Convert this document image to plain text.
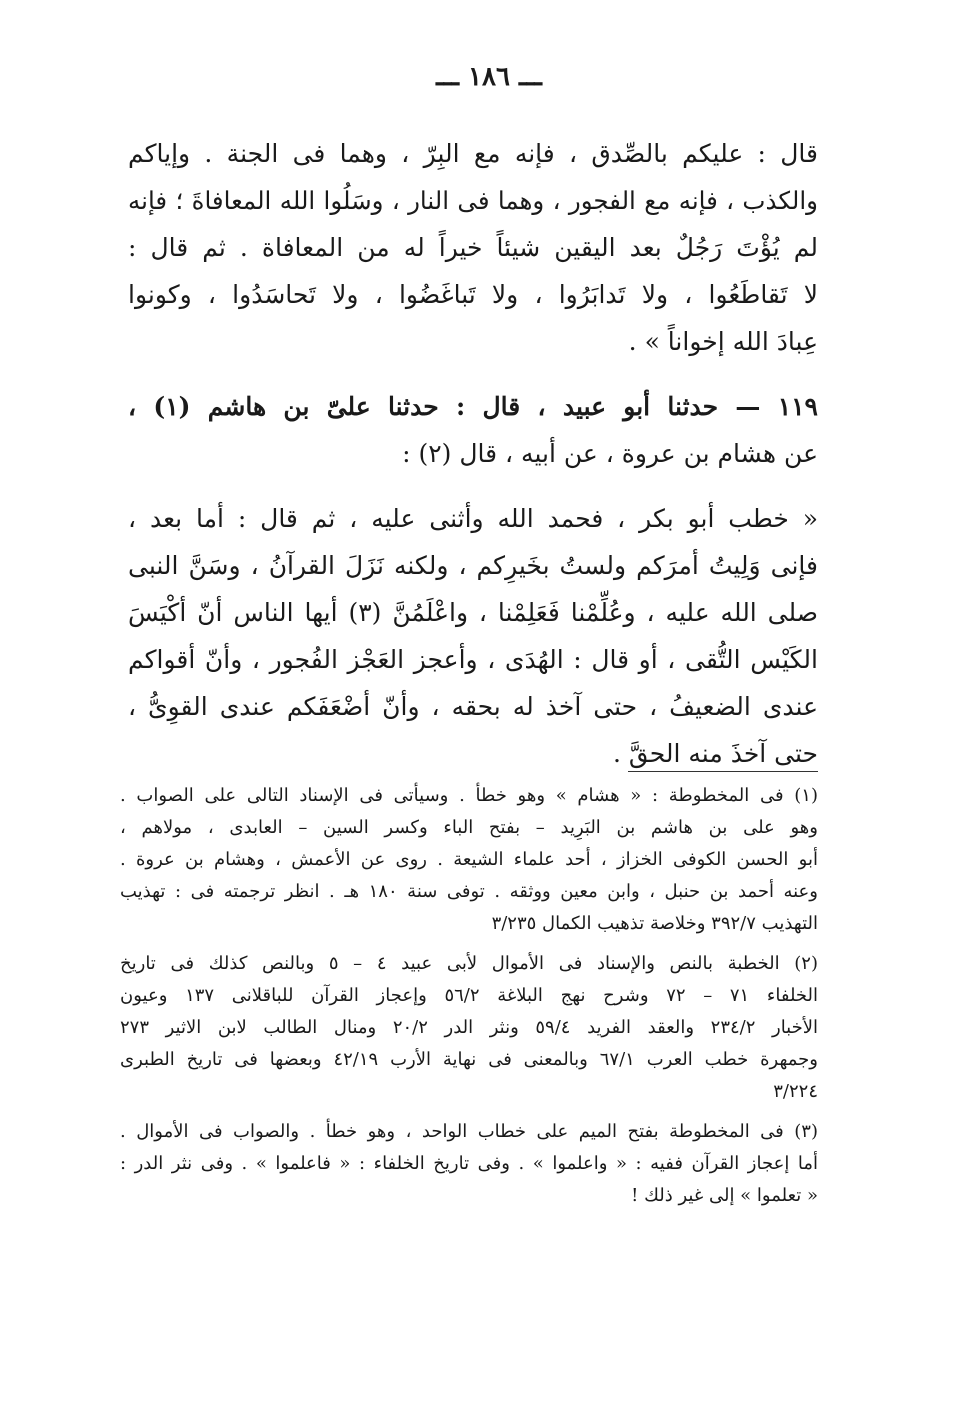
ـــ ١٨٦ ـــ
قال : عليكم بالصِّدق ، فإنه مع البِرّ ، وهما فى الجنة . وإياكم
والكذب ، فإنه مع الفجور ، وهما فى النار ، وسَلُوا الله المعافاةَ ؛ فإنه
لم يُؤْتَ رَجُلٌ بعد اليقين شيئاً خيراً له من المعافاة . ثم قال :
لا تَقاطَعُوا ، ولا تَدابَرُوا ، ولا تَباغَضُوا ، ولا تَحاسَدُوا ، وكونوا
عِبادَ الله إخواناً » .
١١٩ — حدثنا أبو عبيد ، قال : حدثنا علىّ بن هاشم (١) ،
عن هشام بن عروة ، عن أبيه ، قال (٢) :
« خطب أبو بكر ، فحمد الله وأثنى عليه ، ثم قال : أما بعد ،
فإنى وَلِيتُ أمرَكم ولستُ بخَيرِكم ، ولكنه نَزَلَ القرآنُ ، وسَنَّ النبى
صلى الله عليه ، وعُلِّمْنا فَعَلِمْنا ، واعْلَمُنَّ (٣) أيها الناس أنّ أكْيَسَ
الكَيْس التُّقى ، أو قال : الهُدَى ، وأعجز العَجْز الفُجور ، وأنّ أقواكم
عندى الضعيفُ ، حتى آخذ له بحقه ، وأنّ أضْعَفَكم عندى القوِىُّ ،
حتى آخذَ منه الحقَّ .
(١) فى المخطوطة : « هشام » وهو خطأ . وسيأتى فى الإسناد التالى على الصواب .
وهو على بن هاشم بن البَرِيد – بفتح الباء وكسر السين – العابدى ، مولاهم ،
أبو الحسن الكوفى الخزاز ، أحد علماء الشيعة . روى عن الأعمش ، وهشام بن عروة .
وعنه أحمد بن حنبل ، وابن معين ووثقه . توفى سنة ١٨٠ هـ . انظر ترجمته فى : تهذيب
التهذيب ٣٩٢/٧ وخلاصة تذهيب الكمال ٣/٢٣٥
(٢) الخطبة بالنص والإسناد فى الأموال لأبى عبيد ٤ – ٥ وبالنص كذلك فى تاريخ
الخلفاء ٧١ – ٧٢ وشرح نهج البلاغة ٥٦/٢ وإعجاز القرآن للباقلانى ١٣٧ وعيون
الأخبار ٢٣٤/٢ والعقد الفريد ٥٩/٤ ونثر الدر ٢٠/٢ ومنال الطالب لابن الاثير ٢٧٣
وجمهرة خطب العرب ٦٧/١ وبالمعنى فى نهاية الأرب ٤٢/١٩ وبعضها فى تاريخ الطبرى
٣/٢٢٤
(٣) فى المخطوطة بفتح الميم على خطاب الواحد ، وهو خطأ . والصواب فى الأموال .
أما إعجاز القرآن ففيه : « واعلموا » . وفى تاريخ الخلفاء : « فاعلموا » . وفى نثر الدر :
« تعلموا » إلى غير ذلك !
